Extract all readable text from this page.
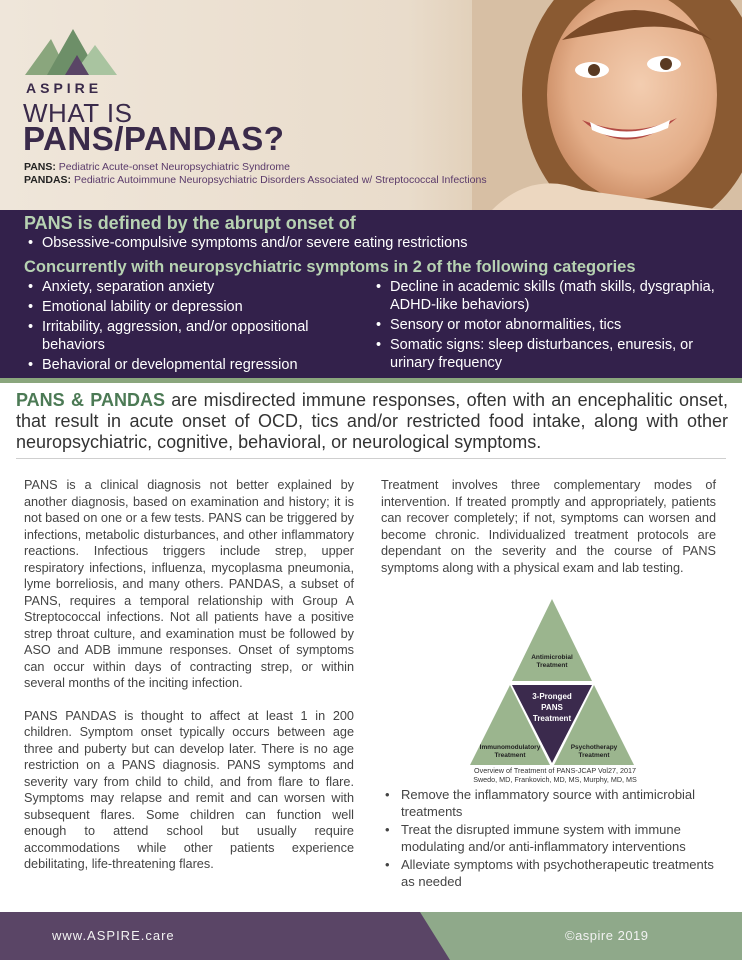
ASPIRE
WHAT IS
PANS/PANDAS?
PANS: Pediatric Acute-onset Neuropsychiatric Syndrome
PANDAS: Pediatric Autoimmune Neuropsychiatric Disorders Associated w/ Streptococcal Infections
PANS is defined by the abrupt onset of
• Obsessive-compulsive symptoms and/or severe eating restrictions
Concurrently with neuropsychiatric symptoms in 2 of the following categories
• Anxiety, separation anxiety
• Emotional lability or depression
• Irritability, aggression, and/or oppositional behaviors
• Behavioral or developmental regression
• Decline in academic skills (math skills, dysgraphia, ADHD-like behaviors)
• Sensory or motor abnormalities, tics
• Somatic signs: sleep disturbances, enuresis, or urinary frequency
PANS & PANDAS are misdirected immune responses, often with an encephalitic onset, that result in acute onset of OCD, tics and/or restricted food intake, along with other neuropsychiatric, cognitive, behavioral, or neurological symptoms.

PANS is a clinical diagnosis not better explained by another diagnosis, based on examination and history; it is not based on one or a few tests. PANS can be triggered by infections, metabolic disturbances, and other inflammatory reactions. Infectious triggers include strep, upper respiratory infections, influenza, mycoplasma pneumonia, lyme borreliosis, and many others. PANDAS, a subset of PANS, requires a temporal relationship with Group A Streptococcal infections. Not all patients have a positive strep throat culture, and examination must be followed by ASO and ADB immune responses. Onset of symptoms can occur within days of contracting strep, or within several months of the inciting infection.

PANS PANDAS is thought to affect at least 1 in 200 children. Symptom onset typically occurs between age three and puberty but can develop later. There is no age restriction on a PANS diagnosis. PANS symptoms and severity vary from child to child, and from flare to flare. Symptoms may relapse and remit and can worsen with subsequent flares. Some children can function well enough to attend school but usually require accommodations while other patients experience debilitating, life-threatening flares.

Treatment involves three complementary modes of intervention. If treated promptly and appropriately, patients can recover completely; if not, symptoms can worsen and become chronic. Individualized treatment protocols are dependant on the severity and the course of PANS symptoms along with a physical exam and lab testing.

Antimicrobial
Treatment
3-Pronged
PANS
Treatment
Immunomodulatory
Treatment
Psychotherapy
Treatment
Overview of Treatment of PANS-JCAP Vol27, 2017
Swedo, MD, Frankovich, MD, MS, Murphy, MD, MS
• Remove the inflammatory source with antimicrobial treatments
• Treat the disrupted immune system with immune modulating and/or anti-inflammatory interventions
• Alleviate symptoms with psychotherapeutic treatments as needed
www.ASPIRE.care	©aspire 2019
